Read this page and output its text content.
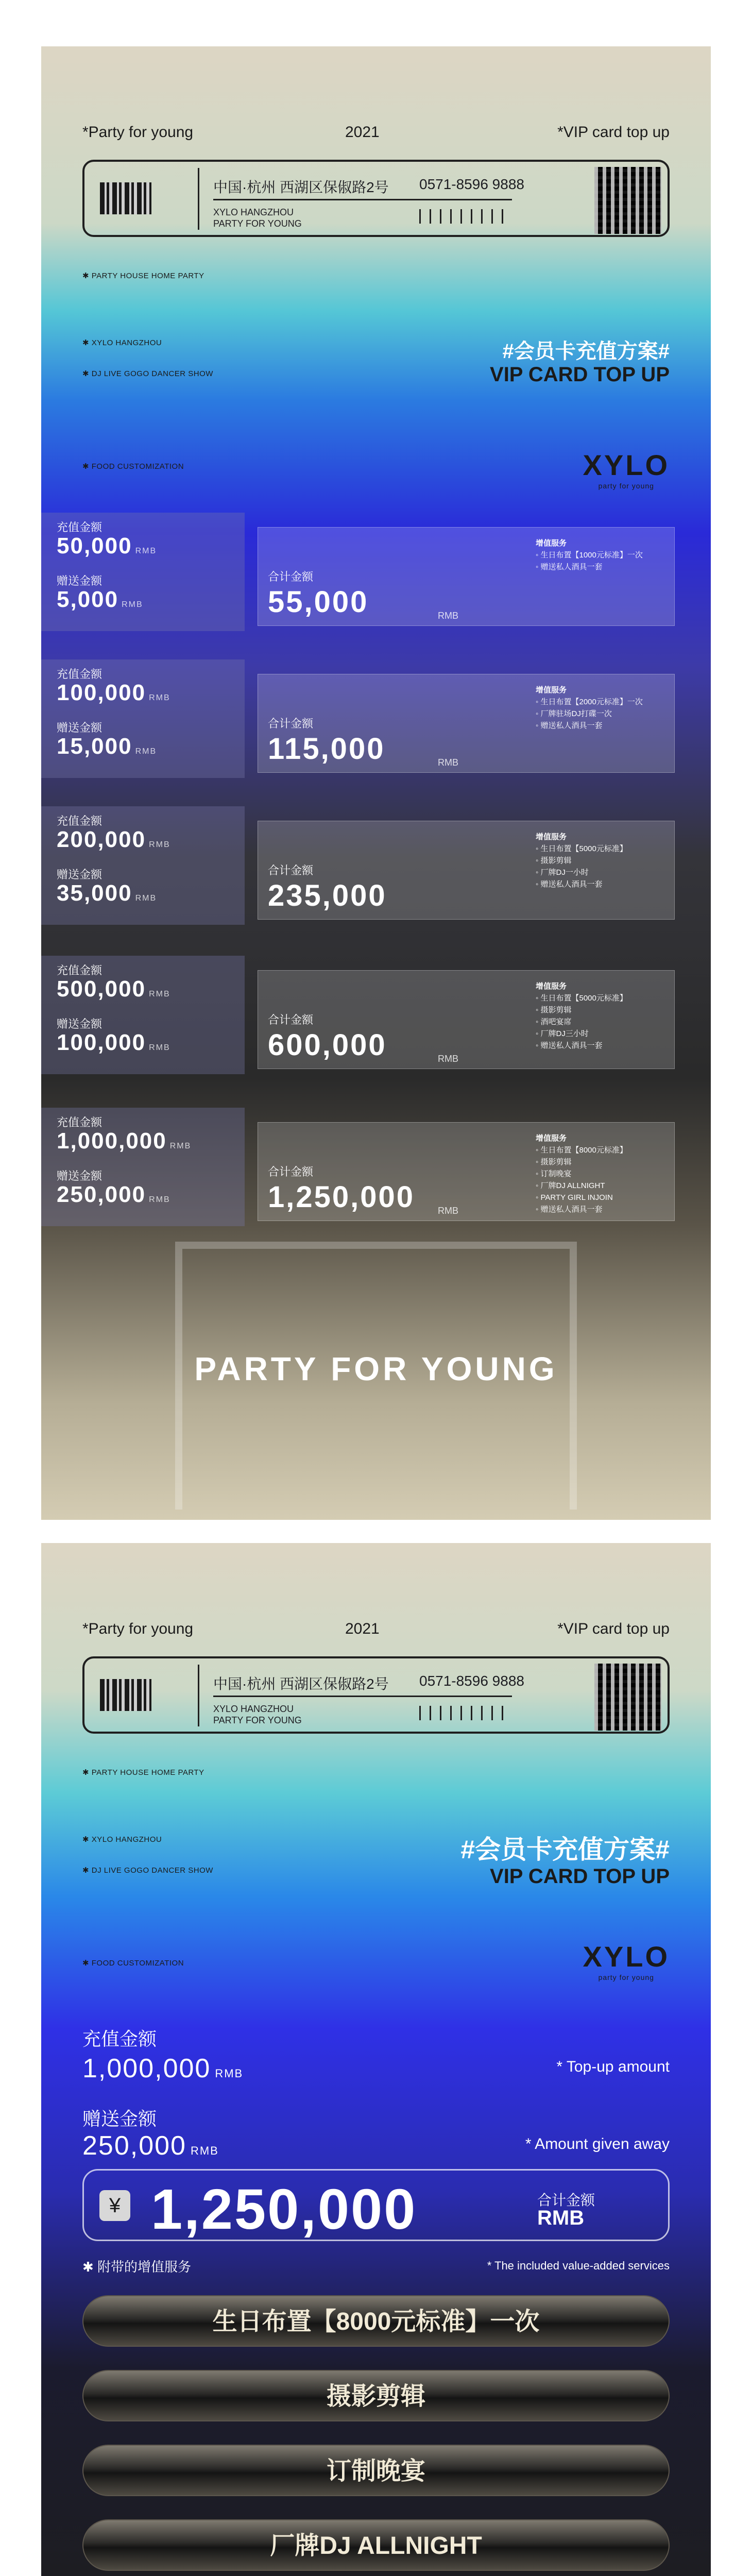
*Party for young	2021	*VIP card top up
中国·杭州 西湖区保俶路2号 0571-8596 9888
XYLO HANGZHOU
PARTY FOR YOUNG
✱ PARTY HOUSE HOME PARTY
✱ XYLO HANGZHOU
✱ DJ LIVE GOGO DANCER SHOW
✱ FOOD CUSTOMIZATION
#会员卡充值方案#
VIP CARD TOP UP
XYLO
party for young
充值金额
50,000 RMB
赠送金额
5,000 RMB
合计金额
55,000	RMB
增值服务
◦ 生日布置【1000元标准】一次
◦ 赠送私人酒具一套
充值金额
100,000 RMB
赠送金额
15,000 RMB
合计金额
115,000	RMB
增值服务
◦ 生日布置【2000元标准】一次
◦ 厂牌驻场DJ打碟一次
◦ 赠送私人酒具一套
充值金额
200,000 RMB
赠送金额
35,000 RMB
合计金额
235,000
增值服务
◦ 生日布置【5000元标准】
◦ 摄影剪辑
◦ 厂牌DJ一小时
◦ 赠送私人酒具一套
充值金额
500,000 RMB
赠送金额
100,000 RMB
合计金额
600,000	RMB
增值服务
◦ 生日布置【5000元标准】
◦ 摄影剪辑
◦ 酒吧宴席
◦ 厂牌DJ三小时
◦ 赠送私人酒具一套
充值金额
1,000,000 RMB
赠送金额
250,000 RMB
合计金额
1,250,000 RMB
增值服务
◦ 生日布置【8000元标准】
◦ 摄影剪辑
◦ 订制晚宴
◦ 厂牌DJ ALLNIGHT
◦ PARTY GIRL INJOIN
◦ 赠送私人酒具一套
PARTY FOR YOUNG
*Party for young	2021	*VIP card top up
中国·杭州 西湖区保俶路2号 0571-8596 9888
XYLO HANGZHOU
PARTY FOR YOUNG
✱ PARTY HOUSE HOME PARTY
✱ XYLO HANGZHOU
✱ DJ LIVE GOGO DANCER SHOW
✱ FOOD CUSTOMIZATION
#会员卡充值方案#
VIP CARD TOP UP
XYLO
party for young
充值金额
1,000,000 RMB	* Top-up amount
赠送金额
250,000 RMB	* Amount given away
¥ 1,250,000	合计金额
RMB
✱ 附带的增值服务	* The included value-added services
生日布置【8000元标准】一次
摄影剪辑
订制晚宴
厂牌DJ ALLNIGHT
